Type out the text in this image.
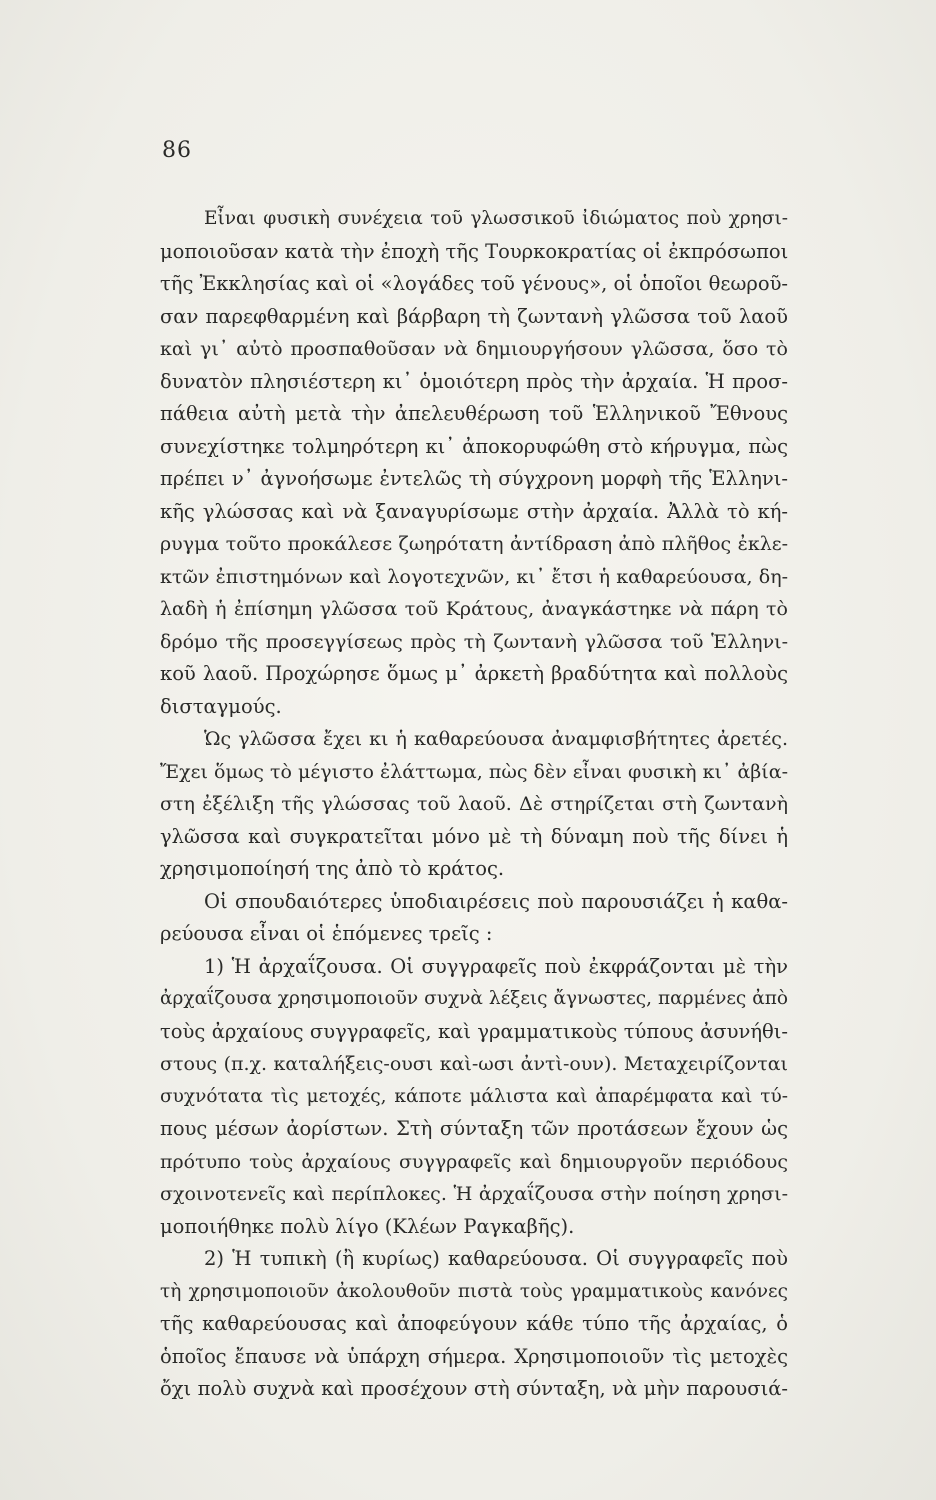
86
Εἶναι φυσικὴ συνέχεια τοῦ γλωσσικοῦ ἰδιώματος ποὺ χρησι-
μοποιοῦσαν κατὰ τὴν ἐποχὴ τῆς Τουρκοκρατίας οἱ ἐκπρόσωποι
τῆς Ἐκκλησίας καὶ οἱ «λογάδες τοῦ γένους», οἱ ὁποῖοι θεωροῦ-
σαν παρεφθαρμένη καὶ βάρβαρη τὴ ζωντανὴ γλῶσσα τοῦ λαοῦ
καὶ γι᾽ αὐτὸ προσπαθοῦσαν νὰ δημιουργήσουν γλῶσσα, ὅσο τὸ
δυνατὸν πλησιέστερη κι᾽ ὁμοιότερη πρὸς τὴν ἀρχαία. Ἡ προσ-
πάθεια αὐτὴ μετὰ τὴν ἀπελευθέρωση τοῦ Ἑλληνικοῦ Ἔθνους
συνεχίστηκε τολμηρότερη κι᾽ ἀποκορυφώθη στὸ κήρυγμα, πὼς
πρέπει ν᾽ ἀγνοήσωμε ἐντελῶς τὴ σύγχρονη μορφὴ τῆς Ἑλληνι-
κῆς γλώσσας καὶ νὰ ξαναγυρίσωμε στὴν ἀρχαία. Ἀλλὰ τὸ κή-
ρυγμα τοῦτο προκάλεσε ζωηρότατη ἀντίδραση ἀπὸ πλῆθος ἐκλε-
κτῶν ἐπιστημόνων καὶ λογοτεχνῶν, κι᾽ ἔτσι ἡ καθαρεύουσα, δη-
λαδὴ ἡ ἐπίσημη γλῶσσα τοῦ Κράτους, ἀναγκάστηκε νὰ πάρη τὸ
δρόμο τῆς προσεγγίσεως πρὸς τὴ ζωντανὴ γλῶσσα τοῦ Ἑλληνι-
κοῦ λαοῦ. Προχώρησε ὅμως μ᾽ ἀρκετὴ βραδύτητα καὶ πολλοὺς
δισταγμούς.
Ὡς γλῶσσα ἔχει κι ἡ καθαρεύουσα ἀναμφισβήτητες ἀρετές.
Ἔχει ὅμως τὸ μέγιστο ἐλάττωμα, πὼς δὲν εἶναι φυσικὴ κι᾽ ἀβία-
στη ἐξέλιξη τῆς γλώσσας τοῦ λαοῦ. Δὲ στηρίζεται στὴ ζωντανὴ
γλῶσσα καὶ συγκρατεῖται μόνο μὲ τὴ δύναμη ποὺ τῆς δίνει ἡ
χρησιμοποίησή της ἀπὸ τὸ κράτος.
Οἱ σπουδαιότερες ὑποδιαιρέσεις ποὺ παρουσιάζει ἡ καθα-
ρεύουσα εἶναι οἱ ἑπόμενες τρεῖς :
1) Ἡ ἀρχαΐζουσα. Οἱ συγγραφεῖς ποὺ ἐκφράζονται μὲ τὴν
ἀρχαΐζουσα χρησιμοποιοῦν συχνὰ λέξεις ἄγνωστες, παρμένες ἀπὸ
τοὺς ἀρχαίους συγγραφεῖς, καὶ γραμματικοὺς τύπους ἀσυνήθι-
στους (π.χ. καταλήξεις-ουσι καὶ-ωσι ἀντὶ-ουν). Μεταχειρίζονται
συχνότατα τὶς μετοχές, κάποτε μάλιστα καὶ ἀπαρέμφατα καὶ τύ-
πους μέσων ἀορίστων. Στὴ σύνταξη τῶν προτάσεων ἔχουν ὡς
πρότυπο τοὺς ἀρχαίους συγγραφεῖς καὶ δημιουργοῦν περιόδους
σχοινοτενεῖς καὶ περίπλοκες. Ἡ ἀρχαΐζουσα στὴν ποίηση χρησι-
μοποιήθηκε πολὺ λίγο (Κλέων Ραγκαβῆς).
2) Ἡ τυπικὴ (ἢ κυρίως) καθαρεύουσα. Οἱ συγγραφεῖς ποὺ
τὴ χρησιμοποιοῦν ἀκολουθοῦν πιστὰ τοὺς γραμματικοὺς κανόνες
τῆς καθαρεύουσας καὶ ἀποφεύγουν κάθε τύπο τῆς ἀρχαίας, ὁ
ὁποῖος ἔπαυσε νὰ ὑπάρχη σήμερα. Χρησιμοποιοῦν τὶς μετοχὲς
ὄχι πολὺ συχνὰ καὶ προσέχουν στὴ σύνταξη, νὰ μὴν παρουσιά-
